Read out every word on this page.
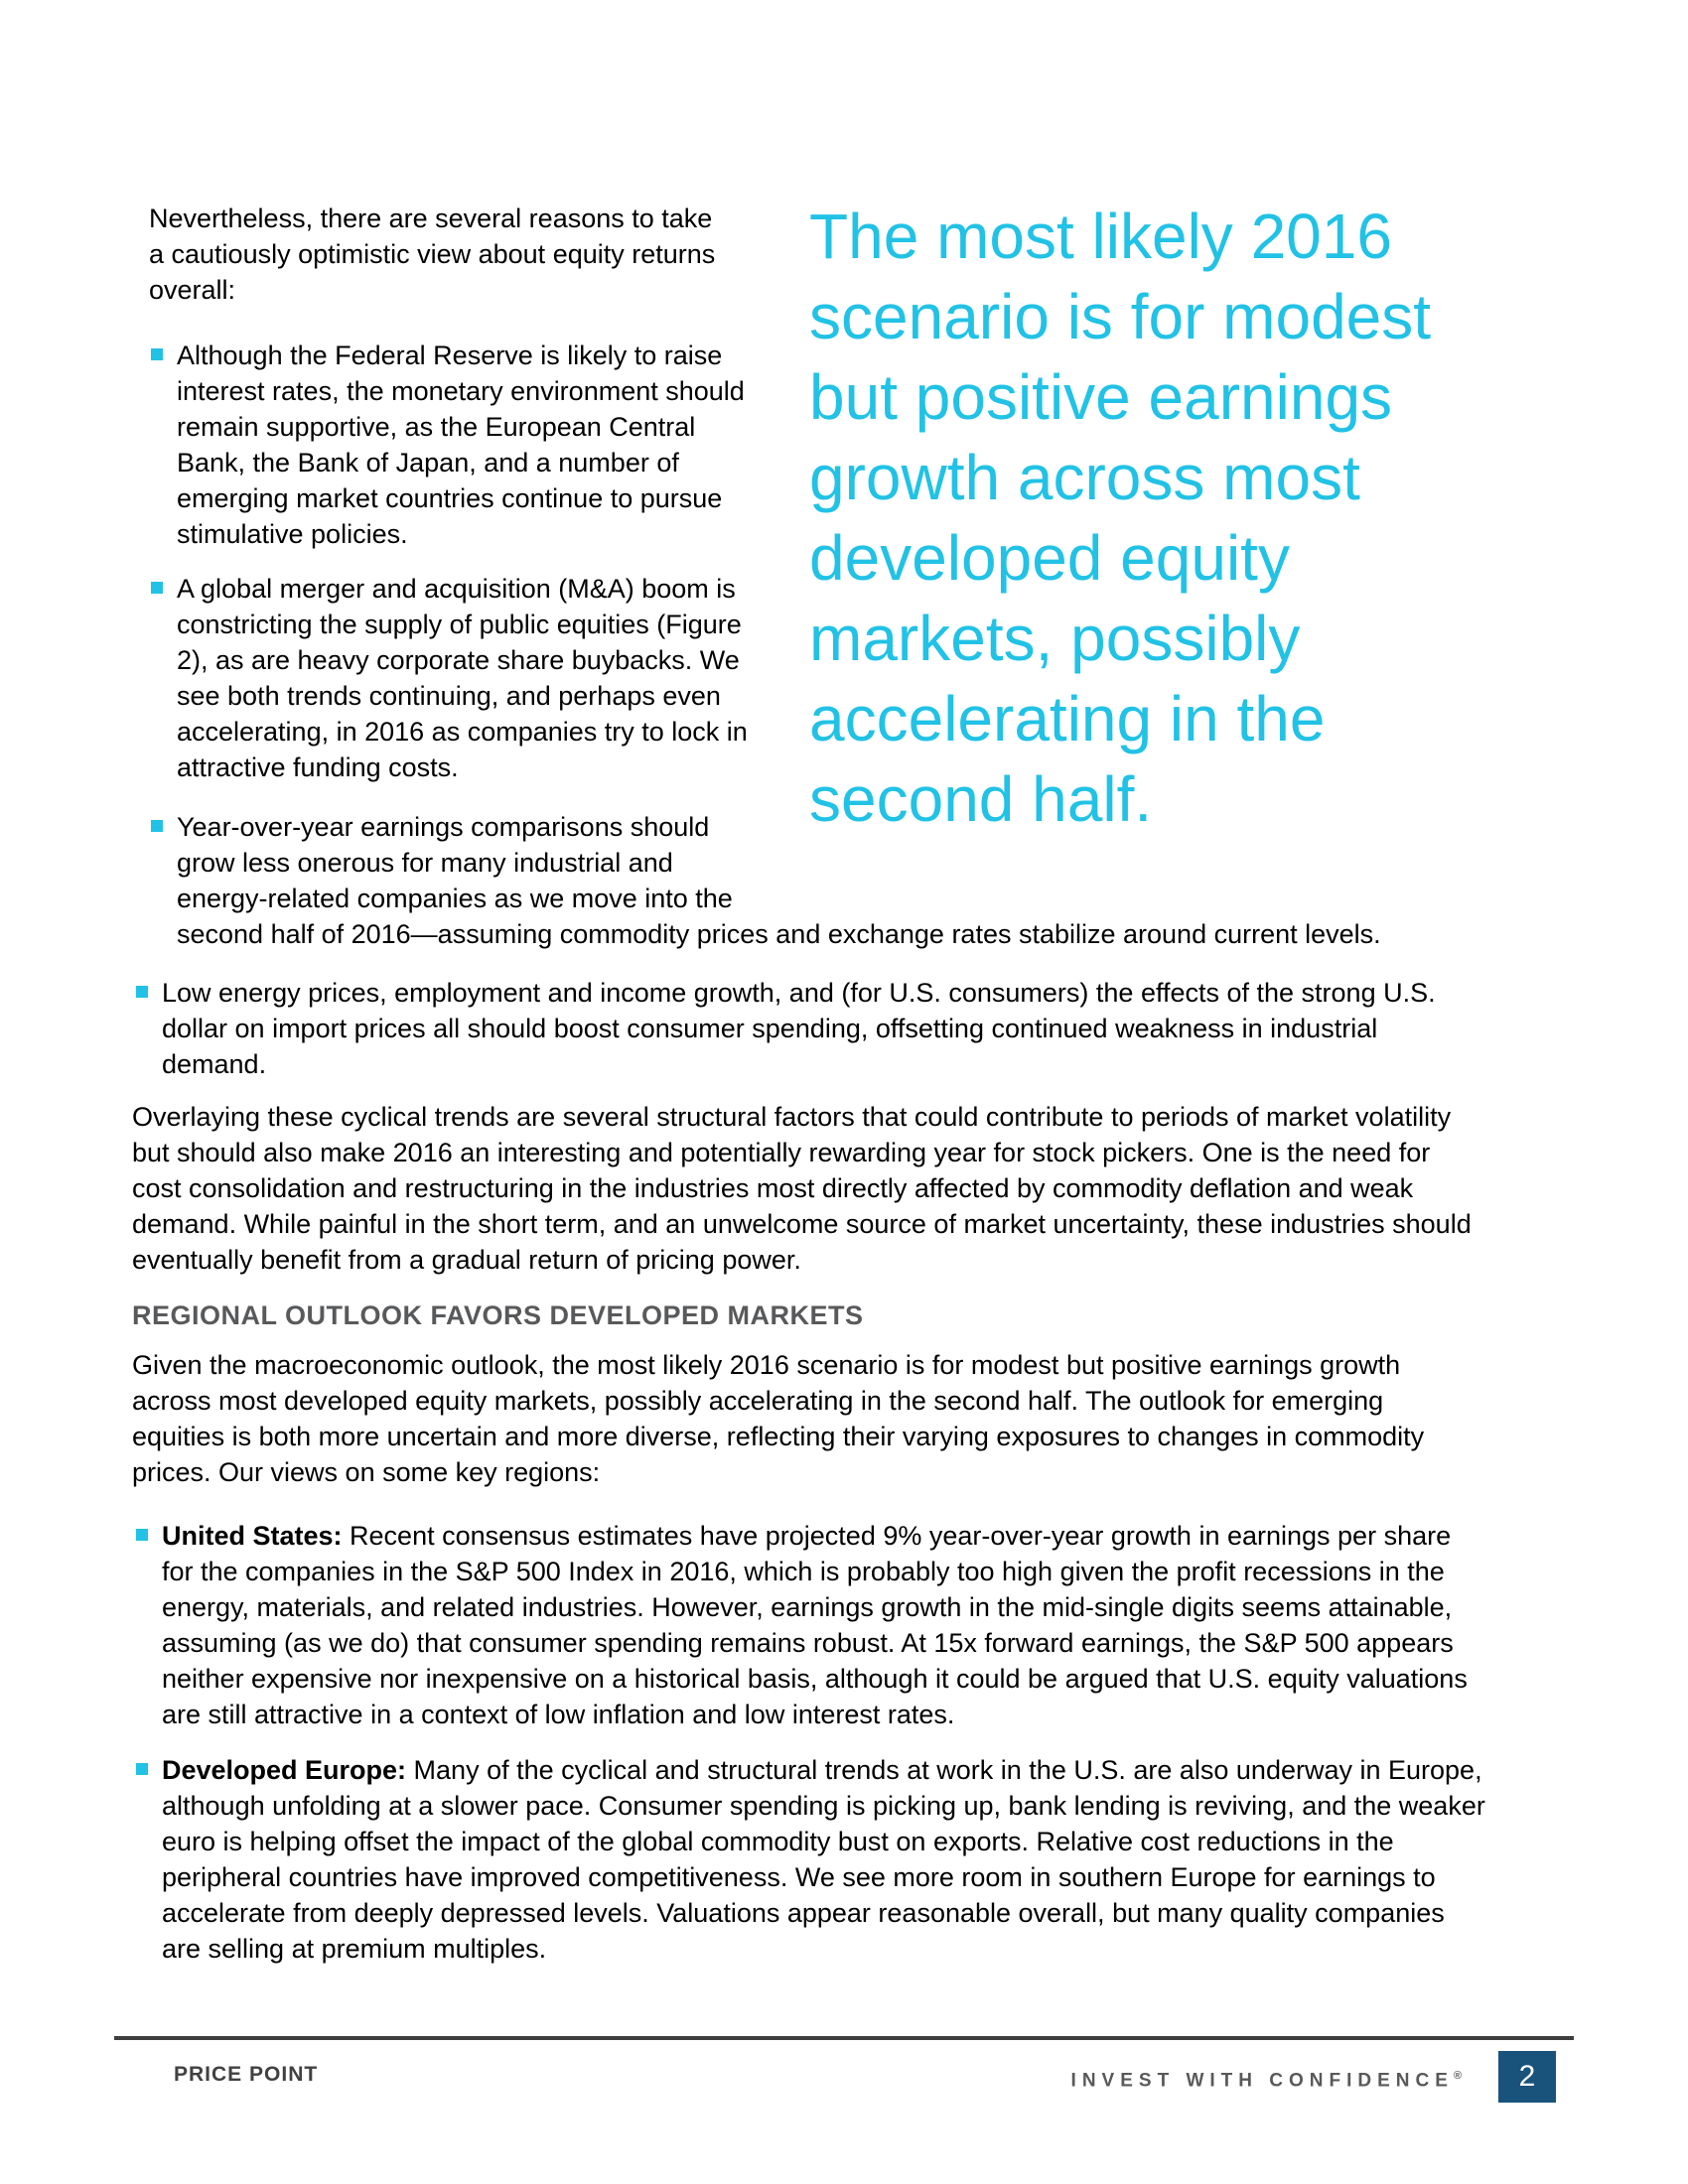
Nevertheless, there are several reasons to take
a cautiously optimistic view about equity returns
overall:
The most likely 2016
scenario is for modest
but positive earnings
growth across most
developed equity
markets, possibly
accelerating in the
second half.
Although the Federal Reserve is likely to raise
interest rates, the monetary environment should
remain supportive, as the European Central
Bank, the Bank of Japan, and a number of
emerging market countries continue to pursue
stimulative policies.
A global merger and acquisition (M&A) boom is
constricting the supply of public equities (Figure
2), as are heavy corporate share buybacks. We
see both trends continuing, and perhaps even
accelerating, in 2016 as companies try to lock in
attractive funding costs.
Year-over-year earnings comparisons should
grow less onerous for many industrial and
energy-related companies as we move into the
second half of 2016—assuming commodity prices and exchange rates stabilize around current levels.
Low energy prices, employment and income growth, and (for U.S. consumers) the effects of the strong U.S.
dollar on import prices all should boost consumer spending, offsetting continued weakness in industrial
demand.
Overlaying these cyclical trends are several structural factors that could contribute to periods of market volatility
but should also make 2016 an interesting and potentially rewarding year for stock pickers. One is the need for
cost consolidation and restructuring in the industries most directly affected by commodity deflation and weak
demand. While painful in the short term, and an unwelcome source of market uncertainty, these industries should
eventually benefit from a gradual return of pricing power.
REGIONAL OUTLOOK FAVORS DEVELOPED MARKETS
Given the macroeconomic outlook, the most likely 2016 scenario is for modest but positive earnings growth
across most developed equity markets, possibly accelerating in the second half. The outlook for emerging
equities is both more uncertain and more diverse, reflecting their varying exposures to changes in commodity
prices. Our views on some key regions:
United States: Recent consensus estimates have projected 9% year-over-year growth in earnings per share
for the companies in the S&P 500 Index in 2016, which is probably too high given the profit recessions in the
energy, materials, and related industries. However, earnings growth in the mid-single digits seems attainable,
assuming (as we do) that consumer spending remains robust. At 15x forward earnings, the S&P 500 appears
neither expensive nor inexpensive on a historical basis, although it could be argued that U.S. equity valuations
are still attractive in a context of low inflation and low interest rates.
Developed Europe: Many of the cyclical and structural trends at work in the U.S. are also underway in Europe,
although unfolding at a slower pace. Consumer spending is picking up, bank lending is reviving, and the weaker
euro is helping offset the impact of the global commodity bust on exports. Relative cost reductions in the
peripheral countries have improved competitiveness. We see more room in southern Europe for earnings to
accelerate from deeply depressed levels. Valuations appear reasonable overall, but many quality companies
are selling at premium multiples.
PRICE POINT	INVEST WITH CONFIDENCE®	2
